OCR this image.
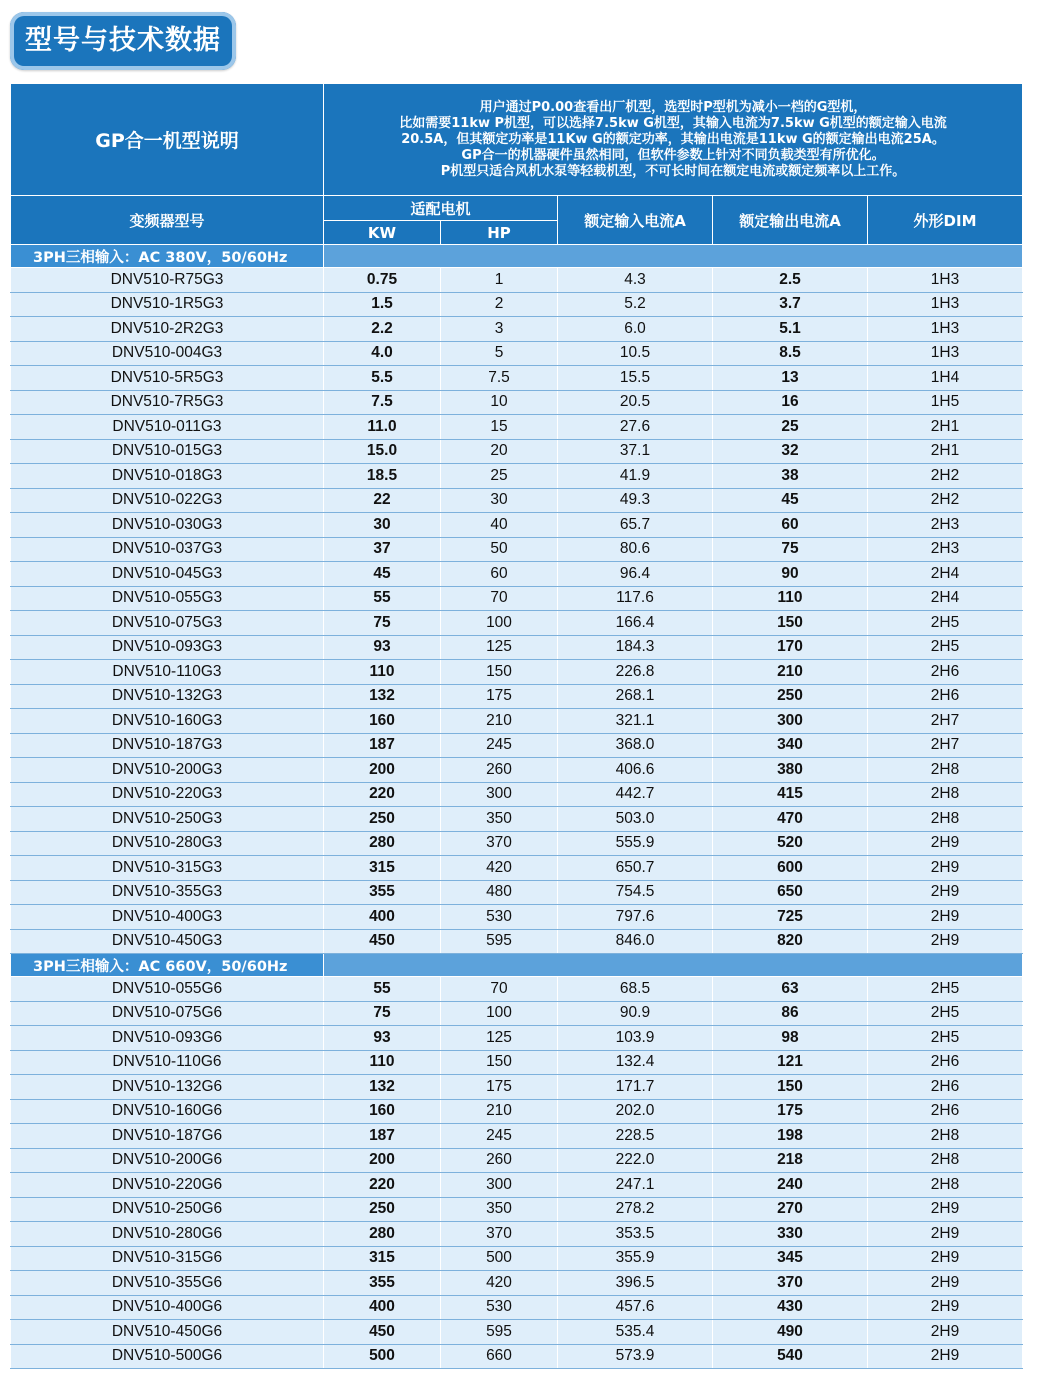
型号与技术数据
GP合一机型说明	用户通过P0.00查看出厂机型，选型时P型机为减小一档的G型机，
比如需要11kw P机型，可以选择7.5kw G机型，其输入电流为7.5kw G机型的额定输入电流
20.5A，但其额定功率是11Kw G的额定功率，其输出电流是11kw G的额定输出电流25A。
GP合一的机器硬件虽然相同，但软件参数上针对不同负载类型有所优化。
P机型只适合风机水泵等轻载机型，不可长时间在额定电流或额定频率以上工作。				

变频器型号	适配电机		额定输入电流A	额定输出电流A	外形DIM
	KW	HP			
3PH三相输入：AC 380V，50/60Hz					
DNV510-R75G3	0.75	1	4.3	2.5	1H3
DNV510-1R5G3	1.5	2	5.2	3.7	1H3
DNV510-2R2G3	2.2	3	6.0	5.1	1H3
DNV510-004G3	4.0	5	10.5	8.5	1H3
DNV510-5R5G3	5.5	7.5	15.5	13	1H4
DNV510-7R5G3	7.5	10	20.5	16	1H5
DNV510-011G3	11.0	15	27.6	25	2H1
DNV510-015G3	15.0	20	37.1	32	2H1
DNV510-018G3	18.5	25	41.9	38	2H2
DNV510-022G3	22	30	49.3	45	2H2
DNV510-030G3	30	40	65.7	60	2H3
DNV510-037G3	37	50	80.6	75	2H3
DNV510-045G3	45	60	96.4	90	2H4
DNV510-055G3	55	70	117.6	110	2H4
DNV510-075G3	75	100	166.4	150	2H5
DNV510-093G3	93	125	184.3	170	2H5
DNV510-110G3	110	150	226.8	210	2H6
DNV510-132G3	132	175	268.1	250	2H6
DNV510-160G3	160	210	321.1	300	2H7
DNV510-187G3	187	245	368.0	340	2H7
DNV510-200G3	200	260	406.6	380	2H8
DNV510-220G3	220	300	442.7	415	2H8
DNV510-250G3	250	350	503.0	470	2H8
DNV510-280G3	280	370	555.9	520	2H9
DNV510-315G3	315	420	650.7	600	2H9
DNV510-355G3	355	480	754.5	650	2H9
DNV510-400G3	400	530	797.6	725	2H9
DNV510-450G3	450	595	846.0	820	2H9
3PH三相输入：AC 660V，50/60Hz					
DNV510-055G6	55	70	68.5	63	2H5
DNV510-075G6	75	100	90.9	86	2H5
DNV510-093G6	93	125	103.9	98	2H5
DNV510-110G6	110	150	132.4	121	2H6
DNV510-132G6	132	175	171.7	150	2H6
DNV510-160G6	160	210	202.0	175	2H6
DNV510-187G6	187	245	228.5	198	2H8
DNV510-200G6	200	260	222.0	218	2H8
DNV510-220G6	220	300	247.1	240	2H8
DNV510-250G6	250	350	278.2	270	2H9
DNV510-280G6	280	370	353.5	330	2H9
DNV510-315G6	315	500	355.9	345	2H9
DNV510-355G6	355	420	396.5	370	2H9
DNV510-400G6	400	530	457.6	430	2H9
DNV510-450G6	450	595	535.4	490	2H9
DNV510-500G6	500	660	573.9	540	2H9
